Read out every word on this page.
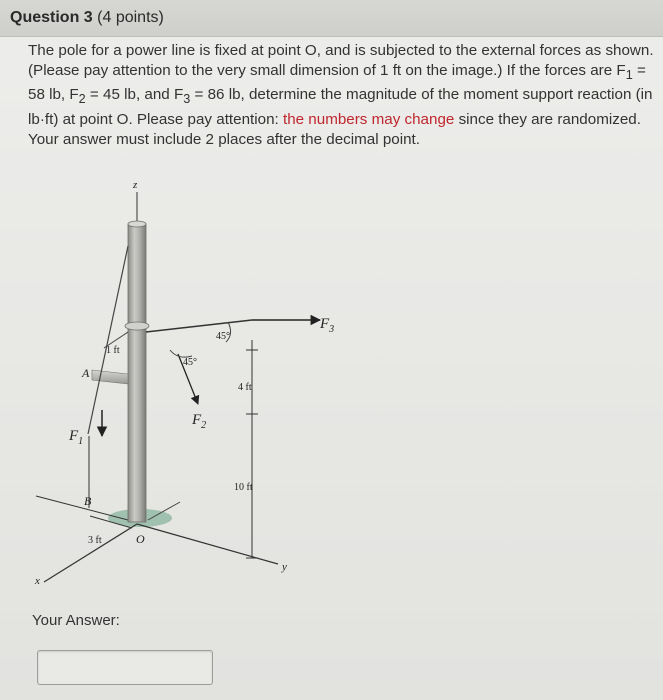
Question 3 (4 points)
The pole for a power line is fixed at point O, and is subjected to the external forces as shown. (Please pay attention to the very small dimension of 1 ft on the image.) If the forces are $F_1 = 58$ lb, $F_2 = 45$ lb, and $F_3 = 86$ lb, determine the magnitude of the moment support reaction (in lb·ft) at point O. Please pay attention: the numbers may change since they are randomized. Your answer must include 2 places after the decimal point.
z
x
y
A
B
O
$F_1$
$F_2$
$F_3$
1 ft
3 ft
4 ft
10 ft
45°
45°
Your Answer:
